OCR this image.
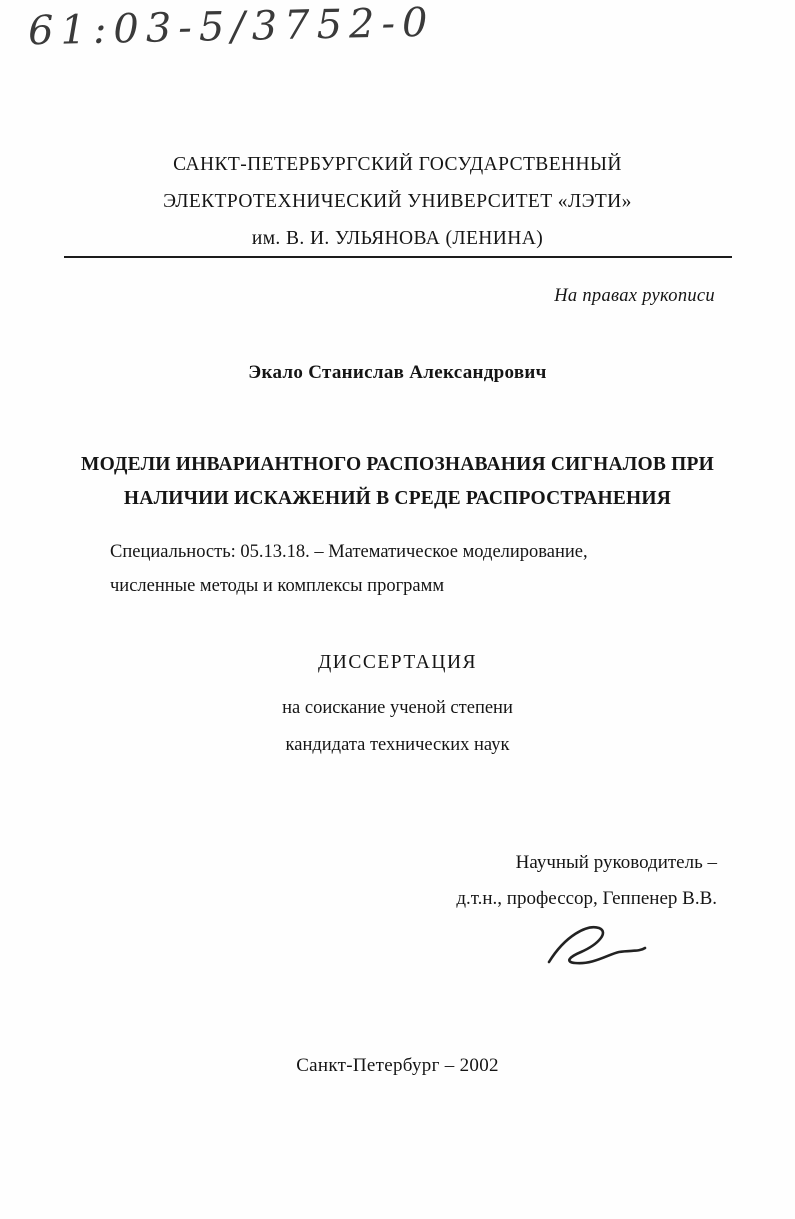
61:03-5/3752-0
САНКТ-ПЕТЕРБУРГСКИЙ ГОСУДАРСТВЕННЫЙ
ЭЛЕКТРОТЕХНИЧЕСКИЙ УНИВЕРСИТЕТ «ЛЭТИ»
им. В. И. УЛЬЯНОВА (ЛЕНИНА)
На правах рукописи
Экало Станислав Александрович
МОДЕЛИ ИНВАРИАНТНОГО РАСПОЗНАВАНИЯ СИГНАЛОВ ПРИ
НАЛИЧИИ ИСКАЖЕНИЙ В СРЕДЕ РАСПРОСТРАНЕНИЯ
Специальность: 05.13.18. – Математическое моделирование,
численные методы и комплексы программ
ДИССЕРТАЦИЯ
на соискание ученой степени
кандидата технических наук
Научный руководитель –
д.т.н., профессор, Геппенер В.В.
Санкт-Петербург – 2002
